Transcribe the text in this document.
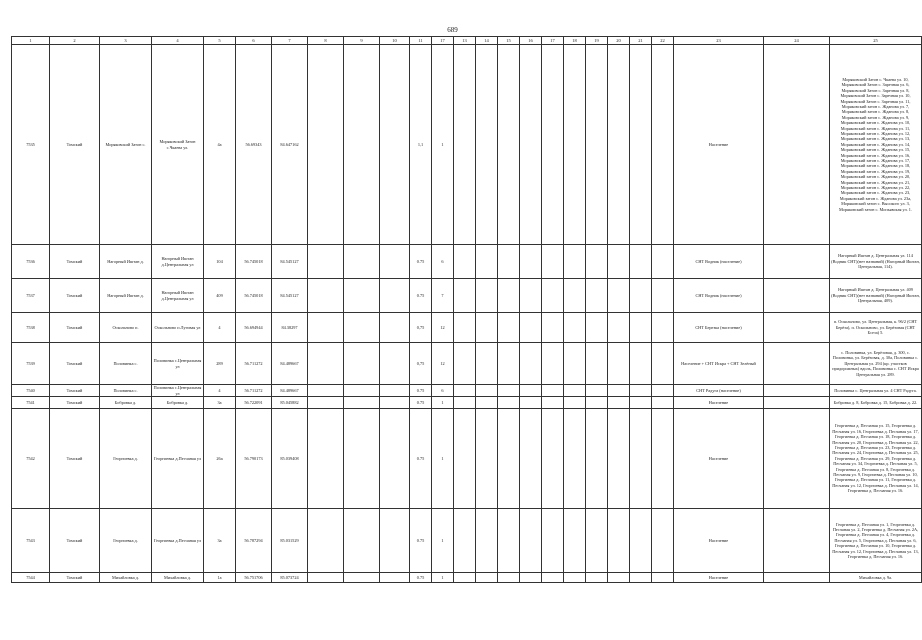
689
1	2	3	4	5	6	7	8	9	10	11	17	13	14	15	16	17	18	19	20	21	22	23	24	25
7535	Томский	Моряковский Затон с.	Моряковский Затон с.Чкаева ул.	4а	56.69343	84.647162				1,1	1											Население		Моряковский Затон с. Чкаева ул. 10, Моряковский Затон с. Заречная ул. 6, Моряковский Затон с. Заречная ул. 8, Моряковский Затон с. Заречная ул. 10, Моряковский Затон с. Заречная ул. 11, Моряковский затон с. Жданова ул. 7, Моряковский затон с. Жданова ул. 8, Моряковский затон с. Жданова ул. 9, Моряковский затон с. Жданова ул. 10, Моряковский затон с. Жданова ул. 11, Моряковский затон с. Жданова ул. 12, Моряковский затон с. Жданова ул. 13, Моряковский затон с. Жданова ул. 14, Моряковский затон с. Жданова ул. 15, Моряковский затон с. Жданова ул. 16, Моряковский затон с. Жданова ул. 17, Моряковский затон с. Жданова ул. 18, Моряковский затон с. Жданова ул. 19, Моряковский затон с. Жданова ул. 20, Моряковский затон с. Жданова ул. 21, Моряковский затон с. Жданова ул. 22, Моряковский затон с. Жданова ул. 23, Моряковский затон с. Жданова ул. 23а, Моряковский затон с. Высокого ул. 3, Моряковский затон с. Мопьявская ул. 1.
7536	Томский	Нагорный Иштан д.	Нагорный Иштан д.Центральная ул	104	56.745018	84.545127				0.75	6											СНТ Водник (население)		Нагорный Иштан д. Центральная ул. 114 (Водник СНТ)(нет названий) (Нагорный Иштан, Центральная, 114).
7537	Томский	Нагорный Иштан д.	Нагорный Иштан д.Центральная ул	409	56.745018	84.545127				0.75	7											СНТ Водник (население)		Нагорный Иштан д. Центральная ул. 409 (Водник СНТ)(нет названий) (Нагорный Иштан, Центральная, 409).
7538	Томский	Оскольново п.	Оскольново п.Луговая ул	4	56.694944	84.38297				0,75	12											СНТ Березка (население)		п. Оскольново, ул. Центральная, к. 96/2 (СНТ Берёза), п. Оскольново, ул. Берёзовая (СНТ Бсеза) 5.
7539	Томский	Половинка с.	Половинка с.Центральная ул	289	56.711272	84.489667				0,75	12											Население + СНТ Искра + СНТ Зелёный		с. Половинка, ул. Берёзовая, д. 300, с. Половинка, ул. Берёзовая, д. 30а, Половинка с. Центральная ул. 294 (кр. участков придорожных) вдоль, Половинка с. СНТ Искра Центральная ул. 289.
7540	Томский	Половинка с.	Половинка с.Центральная ул	4	56.711272	84.489667				0.75	6											СНТ Радуга (население)		Половинка с. Центральная ул. 4 СНТ Радуга.
7541	Томский	Бобровка д.	Бобровка д.	3а	56.722091	85.045882				0.75	1											Население		Бобровка д. 8, Бобровка д. 15, Бобровка д. 22.
7542	Томский	Георгиевка д.	Георгиевка д.Песчаная ул	26а	56.790173	85.039408				0.75	1											Население		Георгиевка д. Песчаная ул. 15, Георгиевка д. Песчаная ул. 16, Георгиевка д. Песчаная ул. 17, Георгиевка д. Песчаная ул. 18, Георгиевка д. Песчаная ул. 20, Георгиевка д. Песчаная ул. 22, Георгиевка д. Песчаная ул. 23, Георгиевка д. Песчаная ул. 24, Георгиевка д. Песчаная ул. 25, Георгиевка д. Песчаная ул. 29, Георгиевка д. Песчаная ул. 34, Георгиевка д. Песчаная ул. 5, Георгиевка д. Песчаная ул. 8, Георгиевка д. Песчаная ул. 9, Георгиевка д. Песчаная ул. 10, Георгиевка д. Песчаная ул. 11, Георгиевка д. Песчаная ул. 12, Георгиевка д. Песчаная ул. 14, Георгиевка д. Песчаная ул. 16.
7543	Томский	Георгиевка д.	Георгиевка д.Песчаная ул	3а	56.787294	85.031529				0.75	1											Население		Георгиевка д. Песчаная ул. 1, Георгиевка д. Песчаная ул. 2, Георгиевка д. Песчаная ул. 2А, Георгиевка д. Песчаная ул. 4, Георгиевка д. Песчаная ул. 5, Георгиевка д. Песчаная ул. 6, Георгиевка д. Песчаная ул. 10, Георгиевка д. Песчаная ул. 12, Георгиевка д. Песчаная ул. 13, Георгиевка д. Песчаная ул. 16.
7544	Томский	Михайловка д.	Михайловка д.	1а	56.751706	85.073724				0.75	1											Население		Михайловка д. 9а.
